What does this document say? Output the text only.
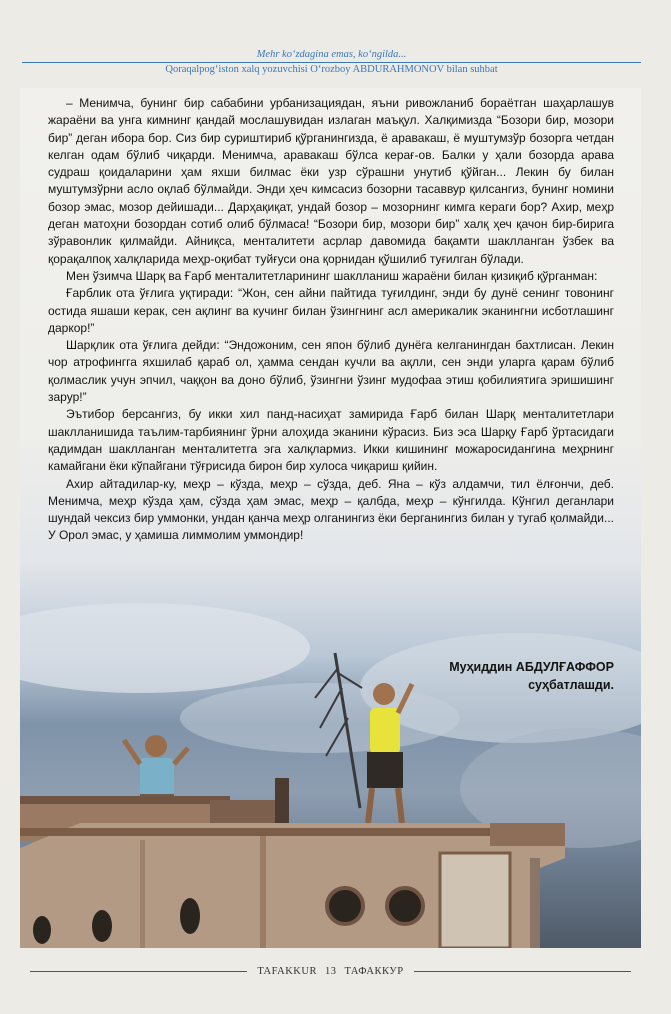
Mehr ko‘zdagina emas, ko‘ngilda...
Qoraqalpog‘iston xalq yozuvchisi O‘rozboy ABDURAHMONOV bilan suhbat

– Менимча, бунинг бир сабабини урбанизациядан, яъни ривожланиб бораётган шаҳарлашув жараёни ва унга кимнинг қандай мослашувидан излаган маъқул. Халқимизда “Бозори бир, мозори бир” деган ибора бор. Сиз бир суриштириб қўрганингизда, ё аравакаш, ё муштумзўр бозорга четдан келган одам бўлиб чиқарди. Менимча, аравакаш бўлса керағ-ов. Балки у ҳали бозорда арава судраш қоидаларини ҳам яхши билмас ёки узр сўрашни унутиб қўйган... Лекин бу билан муштумзўрни асло оқлаб бўлмайди. Энди ҳеч кимсасиз бозорни тасаввур қилсангиз, бунинг номини бозор эмас, мозор дейишади... Дарҳақиқат, ундай бозор – мозорнинг кимга кераги бор? Ахир, меҳр деган матоҳни бозордан сотиб олиб бўлмаса! “Бозори бир, мозори бир” халқ ҳеч қачон бир-бирига зўравонлик қилмайди. Айниқса, менталитети асрлар давомида бақамти шаклланган ўзбек ва қорақалпоқ халқларида меҳр-оқибат туйғуси она қорнидан қўшилиб туғилган бўлади.

Мен ўзимча Шарқ ва Ғарб менталитетларининг шаклланиш жараёни билан қизиқиб қўрганман:

Ғарблик ота ўғлига уқтиради: “Жон, сен айни пайтида туғилдинг, энди бу дунё сенинг товонинг остида яшаши керак, сен ақлинг ва кучинг билан ўзингнинг асл америкалик эканингни исботлашинг даркор!”

Шарқлик ота ўғлига дейди: “Эндожоним, сен япон бўлиб дунёга келганингдан бахтлисан. Лекин чор атрофингга яхшилаб қараб ол, ҳамма сендан кучли ва ақлли, сен энди уларга қарам бўлиб қолмаслик учун эпчил, чаққон ва доно бўлиб, ўзингни ўзинг мудофаа этиш қобилиятига эришишинг зарур!”

Эътибор берсангиз, бу икки хил панд-насиҳат замирида Ғарб билан Шарқ менталитетлари шаклланишида таълим-тарбиянинг ўрни алоҳида эканини кўрасиз. Биз эса Шарқу Ғарб ўртасидаги қадимдан шаклланган менталитетга эга халқлармиз. Икки кишининг можаросидангина меҳрнинг камайгани ёки кўпайгани тўғрисида бирон бир хулоса чиқариш қийин.

Ахир айтадилар-ку, меҳр – кўзда, меҳр – сўзда, деб. Яна – кўз алдамчи, тил ёлғончи, деб. Менимча, меҳр кўзда ҳам, сўзда ҳам эмас, меҳр – қалбда, меҳр – кўнгилда. Кўнгил деганлари шундай чексиз бир уммонки, ундан қанча меҳр олганингиз ёки берганингиз билан у тугаб қолмайди... У Орол эмас, у ҳамиша лиммолим уммондир!

Муҳиддин АБДУЛҒАФФОР
суҳбатлашди.
TAFAKKUR 13 ТАФАККУР
